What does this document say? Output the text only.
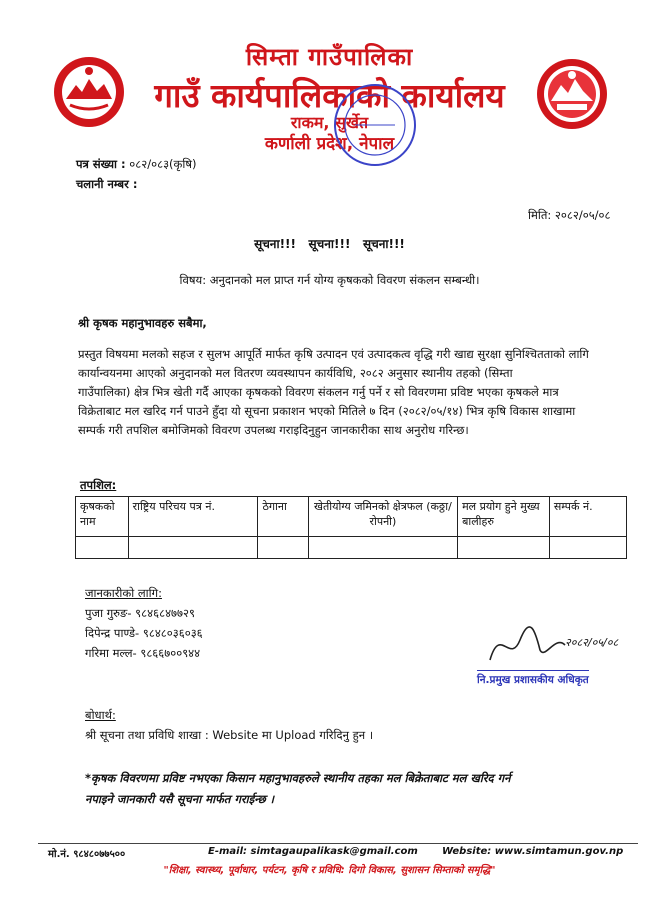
सिम्ता गाउँपालिका
गाउँ कार्यपालिकाको कार्यालय
राकम, सुर्खेत
कर्णाली प्रदेश, नेपाल
पत्र संख्या : ०८२/०८३(कृषि)
चलानी नम्बर :
मिति: २०८२/०५/०८
सूचना!!!   सूचना!!!   सूचना!!!
विषय: अनुदानको मल प्राप्त गर्न योग्य कृषकको विवरण संकलन सम्बन्धी।
श्री कृषक महानुभावहरु सबैमा,
प्रस्तुत विषयमा मलको सहज र सुलभ आपूर्ति मार्फत कृषि उत्पादन एवं उत्पादकत्व वृद्धि गरी खाद्य सुरक्षा सुनिश्चितताको लागि
कार्यान्वयनमा आएको अनुदानको मल वितरण व्यवस्थापन कार्यविधि, २०८२ अनुसार स्थानीय तहको (सिम्ता
गाउँपालिका) क्षेत्र भित्र खेती गर्दै आएका कृषकको विवरण संकलन गर्नु पर्ने र सो विवरणमा प्रविष्ट भएका कृषकले मात्र
विक्रेताबाट मल खरिद गर्न पाउने हुँदा यो सूचना प्रकाशन भएको मितिले ७ दिन (२०८२/०५/१४) भित्र कृषि विकास शाखामा
सम्पर्क गरी तपशिल बमोजिमको विवरण उपलब्ध गराइदिनुहुन जानकारीका साथ अनुरोध गरिन्छ।
तपशिल:
कृषकको नाम	राष्ट्रिय परिचय पत्र नं.	ठेगाना	खेतीयोग्य जमिनको क्षेत्रफल (कठ्ठा/रोपनी)	मल प्रयोग हुने मुख्य बालीहरु	सम्पर्क नं.

जानकारीको लागि:
पुजा गुरुङ- ९८४६८४७७२९
दिपेन्द्र पाण्डे- ९८४८०३६०३६
गरिमा मल्ल- ९८६६७००९४४
२०८२/०५/०८
नि.प्रमुख प्रशासकीय अधिकृत
बोधार्थ:
श्री सूचना तथा प्रविधि शाखा : Website मा Upload गरिदिनु हुन ।
*कृषक विवरणमा प्रविष्ट नभएका किसान महानुभावहरुले स्थानीय तहका मल बिक्रेताबाट मल खरिद गर्न
नपाइने जानकारी यसै सूचना मार्फत गराईन्छ ।
मो.नं. ९८४८०७७५००	E-mail: simtagaupalikask@gmail.com Website: www.simtamun.gov.np
"शिक्षा, स्वास्थ्य, पूर्वाधार, पर्यटन, कृषि र प्रविधि: दिगो विकास, सुशासन सिम्ताको समृद्धि"
